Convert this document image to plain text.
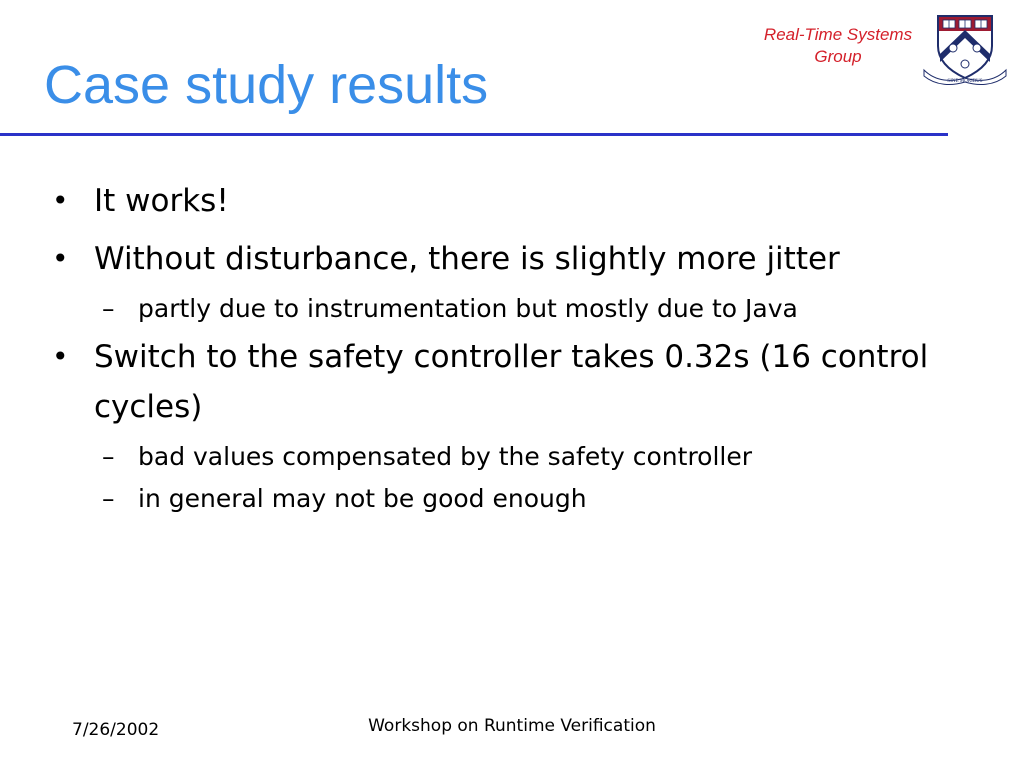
Case study results
Real-Time Systems
Group
SINE MORIBUS
• It works!
• Without disturbance, there is slightly more jitter
– partly due to instrumentation but mostly due to Java
• Switch to the safety controller takes 0.32s (16 control cycles)
– bad values compensated by the safety controller
– in general may not be good enough
7/26/2002	Workshop on Runtime Verification
